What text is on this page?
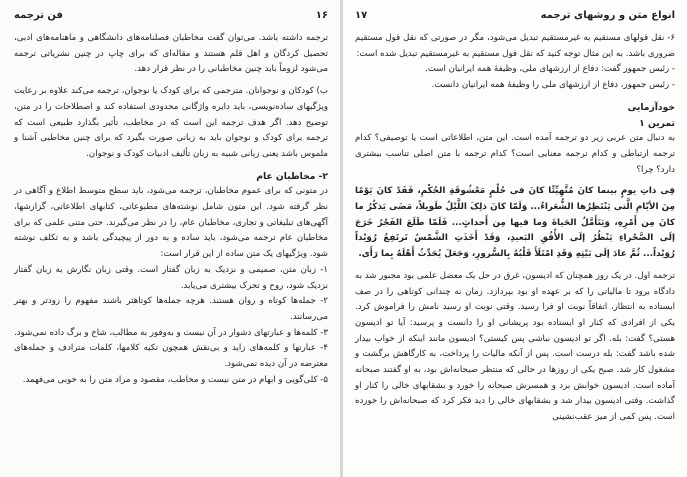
۱۶
فن ترجمه

ترجمه داشته باشد. می‌توان گفت مخاطبان فصلنامه‌های دانشگاهی و ماهنامه‌های ادبی، تحصیل کردگان و اهل قلم هستند و مقاله‌ای که برای چاپ در چنین نشریاتی ترجمه می‌شود لزوماً باید چنین مخاطبانی را در نظر قرار دهد.

ب) کودکان و نوجوانان. مترجمی که برای کودک یا نوجوان، ترجمه می‌کند علاوه بر رعایت ویژگیهای ساده‌نویسی، باید دایره واژگانی محدودی استفاده کند و اصطلاحات را در متن، توضیح دهد. اگر هدف ترجمه این است که در مخاطب، تأثیر بگذارد طبیعی است که ترجمه برای کودک و نوجوان باید به زبانی صورت بگیرد که برای چنین مخاطبی آشنا و ملموس باشد یعنی زبانی شبیه به زبان تألیف ادبیات کودک و نوجوان.

۲- مخاطبان عام

در متونی که برای عموم مخاطبان، ترجمه می‌شود، باید سطح متوسط اطلاع و آگاهی در نظر گرفته شود. این متون شامل نوشته‌های مطبوعاتی، کتابهای اطلاعاتی، گزارشها، آگهی‌های تبلیغاتی و تجاری، مخاطبان عام، را در نظر می‌گیرند. حتی متنی علمی که برای مخاطبان عام ترجمه می‌شود، باید ساده و به دور از پیچیدگی باشد و به تکلف نوشته شود. ویژگیهای یک متن ساده از این قرار است:

۱- زبان متن، صمیمی و نزدیک به زبان گفتار است. وقتی زبان نگارش به زبان گفتار نزدیک شود، روح و تحرک بیشتری می‌یابد.

۲- جمله‌ها کوتاه و روان هستند. هرچه جمله‌ها کوتاهتر باشند مفهوم را زودتر و بهتر می‌رسانند.

۳- کلمه‌ها و عبارتهای دشوار در آن نیست و به‌وفور به مطالب، شاخ و برگ داده نمی‌شود.

۴- عبارتها و کلمه‌های زاید و بی‌نقش همچون تکیه کلامها، کلمات مترادف و جمله‌های معترضه در آن دیده نمی‌شود.

۵- کلی‌گویی و ابهام در متن نیست و مخاطب، مقصود و مراد متن را به خوبی می‌فهمد.

انواع متن و روشهای ترجمه
۱۷

۶- نقل قولهای مستقیم به غیرمستقیم تبدیل می‌شود، مگر در صورتی که نقل قول مستقیم ضروری باشد. به این مثال توجه کنید که نقل قول مستقیم به غیرمستقیم تبدیل شده است:

- رئیس جمهور گفت: دفاع از ارزشهای ملی، وظیفهٔ همه ایرانیان است.

- رئیس جمهور، دفاع از ارزشهای ملی را وظیفهٔ همه ایرانیان دانست.

خودآزمایی

تمرین ۱

به دنبال متن عربی زیر دو ترجمه آمده است. این متن، اطلاعاتی است یا توصیفی؟ کدام ترجمه ارتباطی و کدام ترجمه معنایی است؟ کدام ترجمه با متن اصلی تناسب بیشتری دارد؟ چرا؟

فِی ذاتِ یومٍ بینما کانَ مُتَّهِیِّئًا کانَ فی حُلْمٍ مَعْشُوقَةِ الحُکْمِ، فَقَدْ کانَ یَوْمًا مِنَ الأیّامِ الَّتی یَنْتَظِرُها الشُّعَراءُ... وَلَمّا کانَ ذلِکَ اللَّیْلُ طَویلاً، مَضَی یَذکُرُ ما کانَ مِن أَمْرِهِ، وَیَتَأَمَّلُ الحَیاةَ وَما فیها مِن أَحداثٍ... فَلَمّا طَلَعَ الفَجْرُ خَرَجَ إلَی الصَّحْراءِ یَنْظُرُ إلَی الأُفُقِ البَعیدِ، وَقَدْ أَخَذَتِ الشَّمْسُ تَرتَفِعُ رُوَیْداً رُوَیْداً... ثُمَّ عادَ إلَی بَیْتِهِ وَقَدِ امْتَلَأَ قَلْبُهُ بِالسُّرورِ، وَجَعَلَ یُحَدِّثُ أَهْلَهُ بِما رَأَی.

ترجمه اول. در یک روز همچنان که ادیسون، غرق در حل یک معضل علمی بود مجبور شد به دادگاه برود تا مالیاتی را که بر عهده او بود بپردازد. زمان نه چندانی کوتاهی را در صف ایستاده به انتظار، اتفاقاً نوبت او فرا رسید. وقتی نوبت او رسید نامش را فراموش کرد. یکی از افرادی که کنار او ایستاده بود پریشانی او را دانست و پرسید: آیا تو ادیسون هستی؟ گفت: بله. اگر تو ادیسون نباشی پس کیستی؟ ادیسون مانند اینکه از خواب بیدار شده باشد گفت: بله درست است. پس از آنکه مالیات را پرداخت، به کارگاهش برگشت و مشغول کار شد. صبح یکی از روزها در حالی که منتظر صبحانه‌اش بود، به او گفتند صبحانه آماده است. ادیسون خوابش برد و همسرش صبحانه را خورد و بشقابهای خالی را کنار او گذاشت. وقتی ادیسون بیدار شد و بشقابهای خالی را دید فکر کرد که صبحانه‌اش را خورده است. پس کمی از میز عقب‌نشینی
